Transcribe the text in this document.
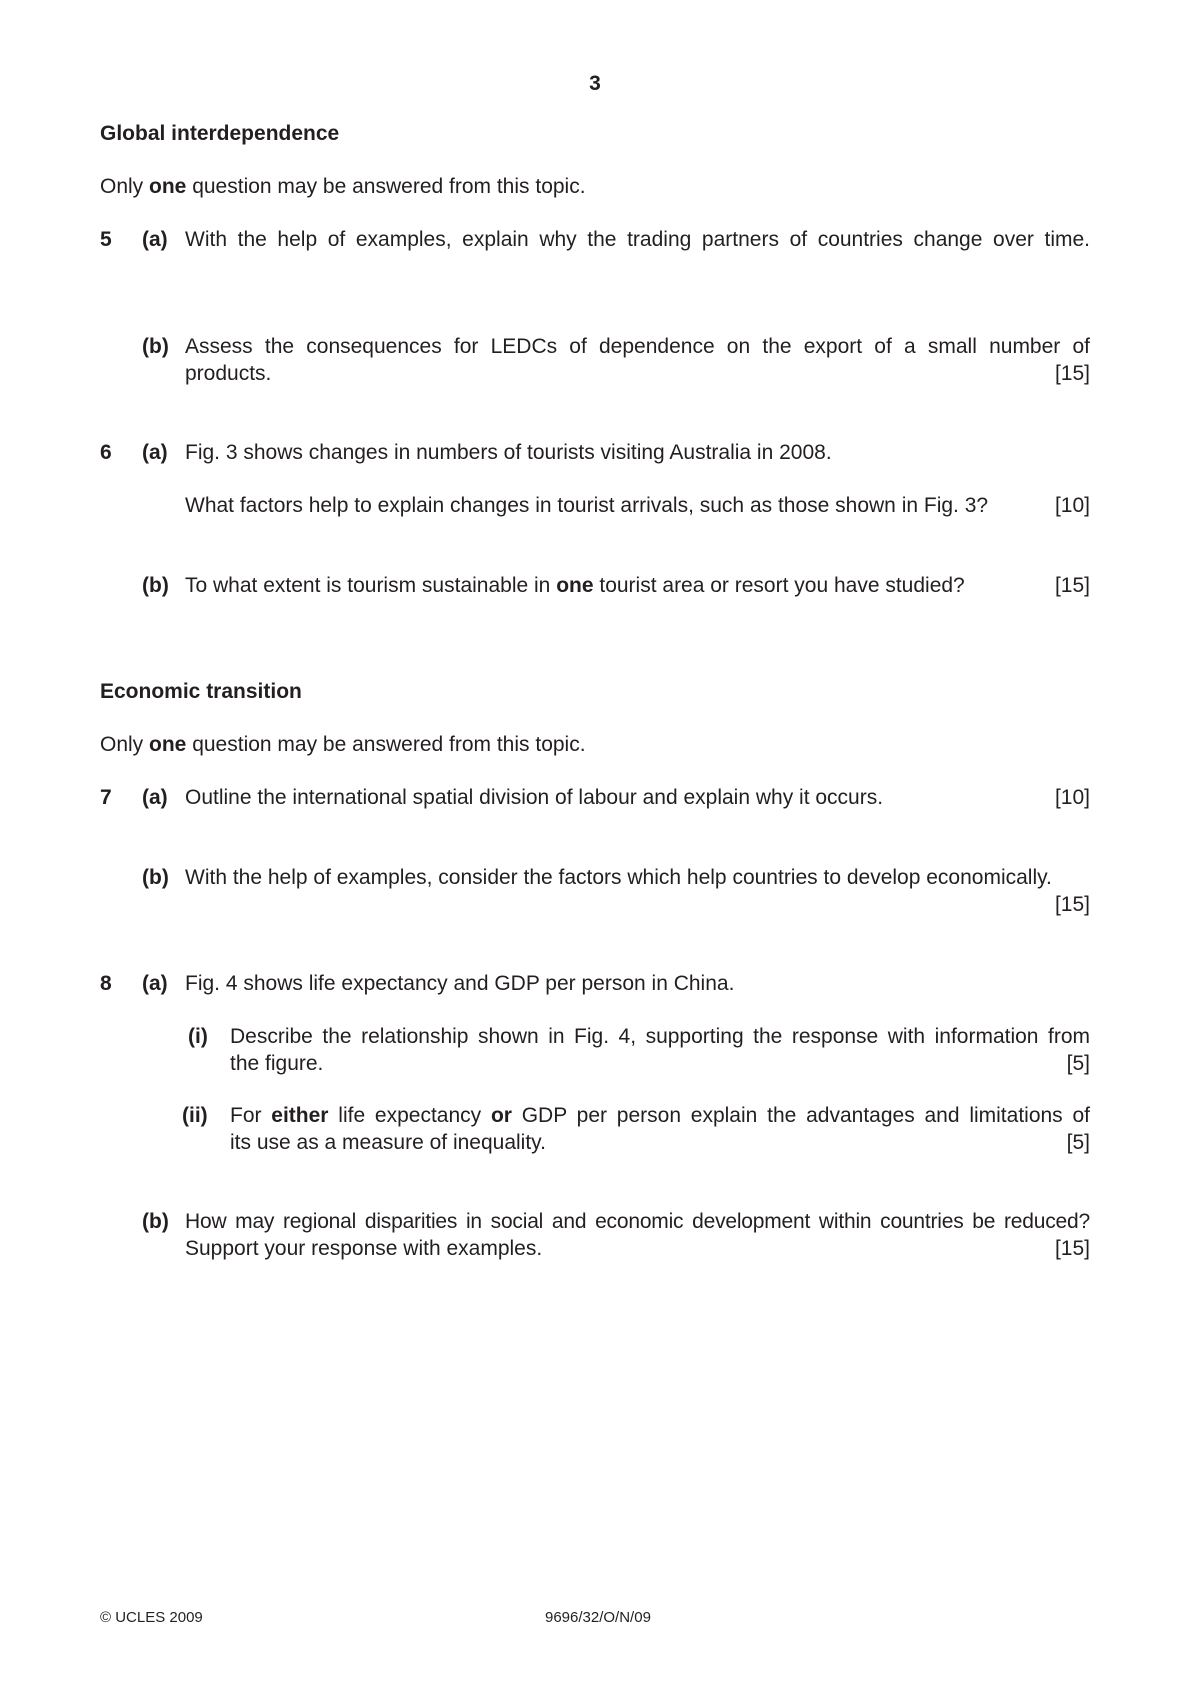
3
Global interdependence
Only one question may be answered from this topic.
5 (a) With the help of examples, explain why the trading partners of countries change over time.
(b) Assess the consequences for LEDCs of dependence on the export of a small number of
products.	[15]
6 (a) Fig. 3 shows changes in numbers of tourists visiting Australia in 2008.
What factors help to explain changes in tourist arrivals, such as those shown in Fig. 3?	[10]
(b) To what extent is tourism sustainable in one tourist area or resort you have studied?	[15]
Economic transition
Only one question may be answered from this topic.
7 (a) Outline the international spatial division of labour and explain why it occurs.	[10]
(b) With the help of examples, consider the factors which help countries to develop economically.
[15]
8 (a) Fig. 4 shows life expectancy and GDP per person in China.
(i) Describe the relationship shown in Fig. 4, supporting the response with information from
the figure.	[5]
(ii) For either life expectancy or GDP per person explain the advantages and limitations of
its use as a measure of inequality.	[5]
(b) How may regional disparities in social and economic development within countries be reduced?
Support your response with examples.	[15]
© UCLES 2009	9696/32/O/N/09
